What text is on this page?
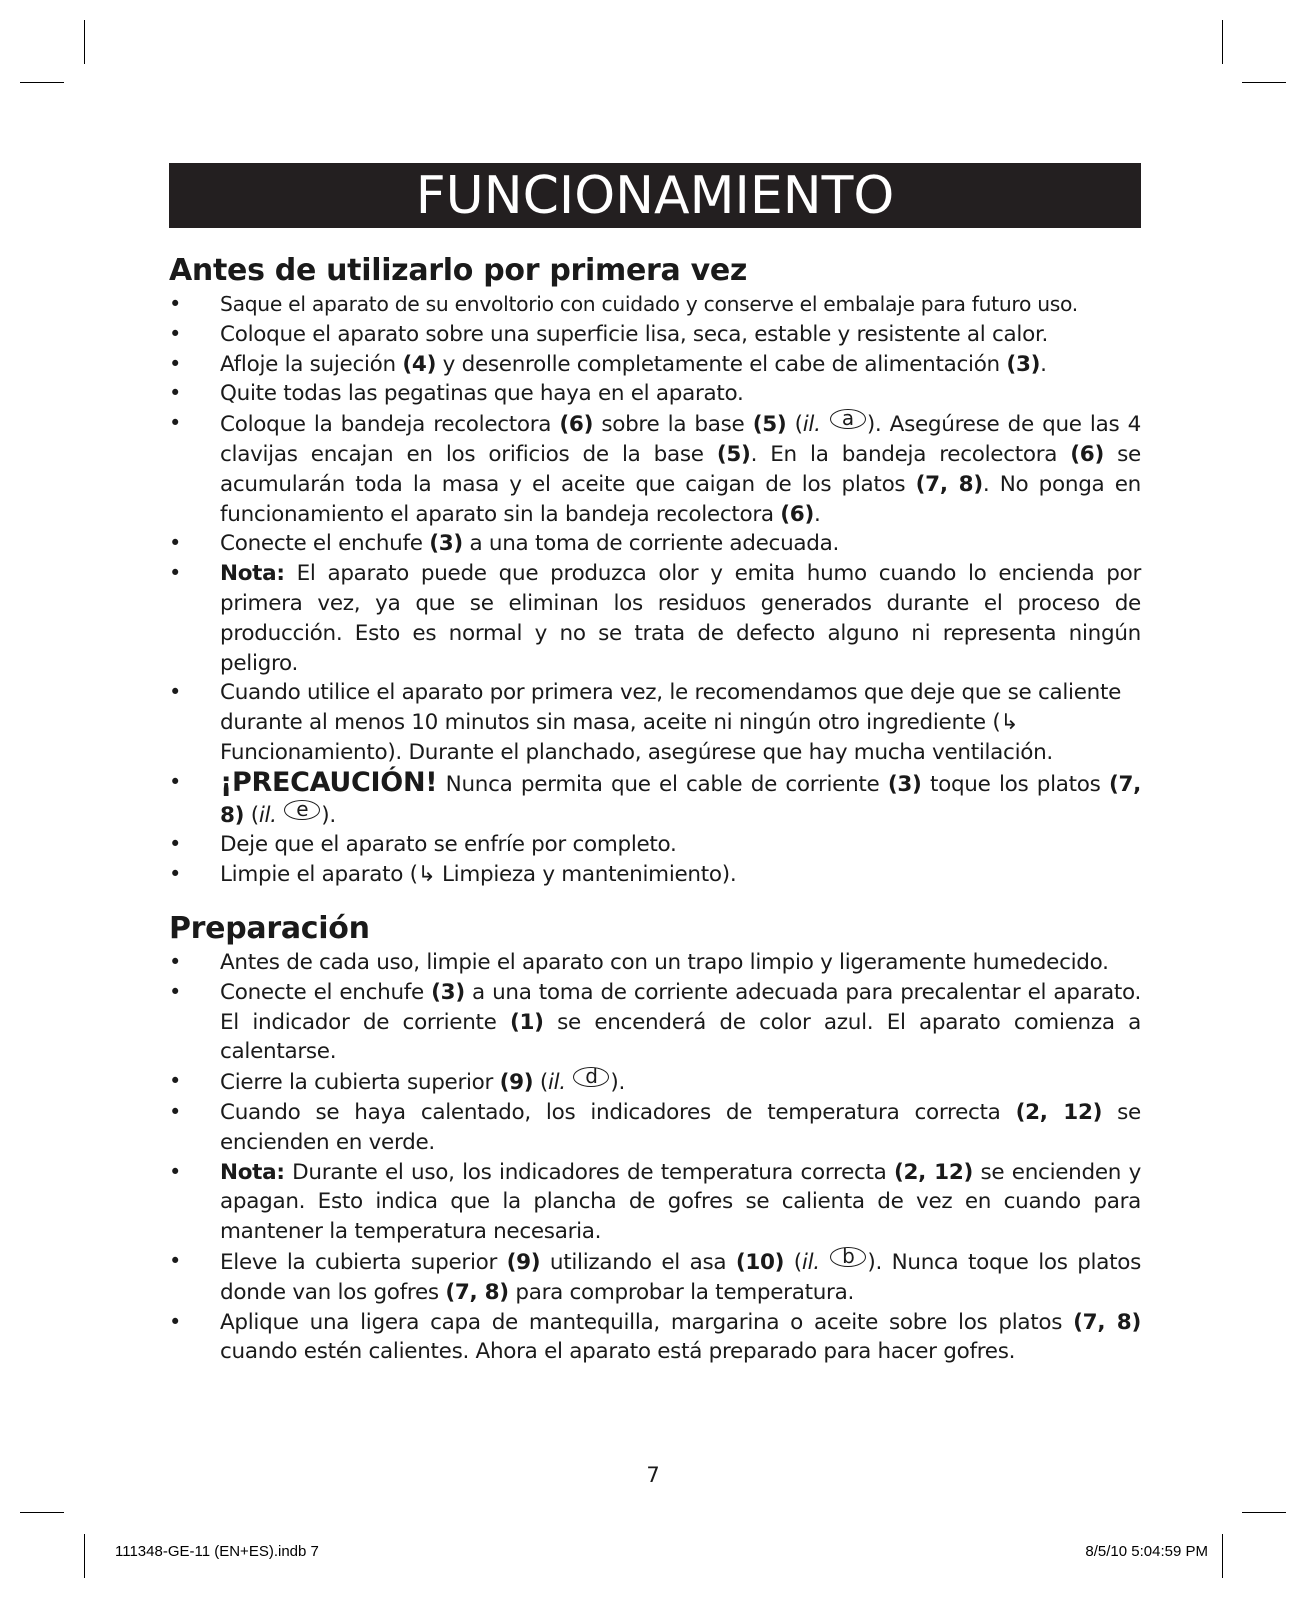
FUNCIONAMIENTO
Antes de utilizarlo por primera vez
• Saque el aparato de su envoltorio con cuidado y conserve el embalaje para futuro uso.
• Coloque el aparato sobre una superficie lisa, seca, estable y resistente al calor.
• Afloje la sujeción (4) y desenrolle completamente el cabe de alimentación (3).
• Quite todas las pegatinas que haya en el aparato.
• Coloque la bandeja recolectora (6) sobre la base (5) (il. a ). Asegúrese de que las 4 clavijas encajan en los orificios de la base (5). En la bandeja recolectora (6) se acumularán toda la masa y el aceite que caigan de los platos (7, 8). No ponga en funcionamiento el aparato sin la bandeja recolectora (6).
• Conecte el enchufe (3) a una toma de corriente adecuada.
• Nota: El aparato puede que produzca olor y emita humo cuando lo encienda por primera vez, ya que se eliminan los residuos generados durante el proceso de producción. Esto es normal y no se trata de defecto alguno ni representa ningún peligro.
• Cuando utilice el aparato por primera vez, le recomendamos que deje que se caliente durante al menos 10 minutos sin masa, aceite ni ningún otro ingrediente (↳ Funcionamiento). Durante el planchado, asegúrese que hay mucha ventilación.
• ¡PRECAUCIÓN! Nunca permita que el cable de corriente (3) toque los platos (7, 8) (il. e ).
• Deje que el aparato se enfríe por completo.
• Limpie el aparato (↳ Limpieza y mantenimiento).
Preparación
• Antes de cada uso, limpie el aparato con un trapo limpio y ligeramente humedecido.
• Conecte el enchufe (3) a una toma de corriente adecuada para precalentar el aparato. El indicador de corriente (1) se encenderá de color azul. El aparato comienza a calentarse.
• Cierre la cubierta superior (9) (il. d ).
• Cuando se haya calentado, los indicadores de temperatura correcta (2, 12) se encienden en verde.
• Nota: Durante el uso, los indicadores de temperatura correcta (2, 12) se encienden y apagan. Esto indica que la plancha de gofres se calienta de vez en cuando para mantener la temperatura necesaria.
• Eleve la cubierta superior (9) utilizando el asa (10) (il. b ). Nunca toque los platos donde van los gofres (7, 8) para comprobar la temperatura.
• Aplique una ligera capa de mantequilla, margarina o aceite sobre los platos (7, 8) cuando estén calientes. Ahora el aparato está preparado para hacer gofres.
7
111348-GE-11 (EN+ES).indb 7	8/5/10 5:04:59 PM
